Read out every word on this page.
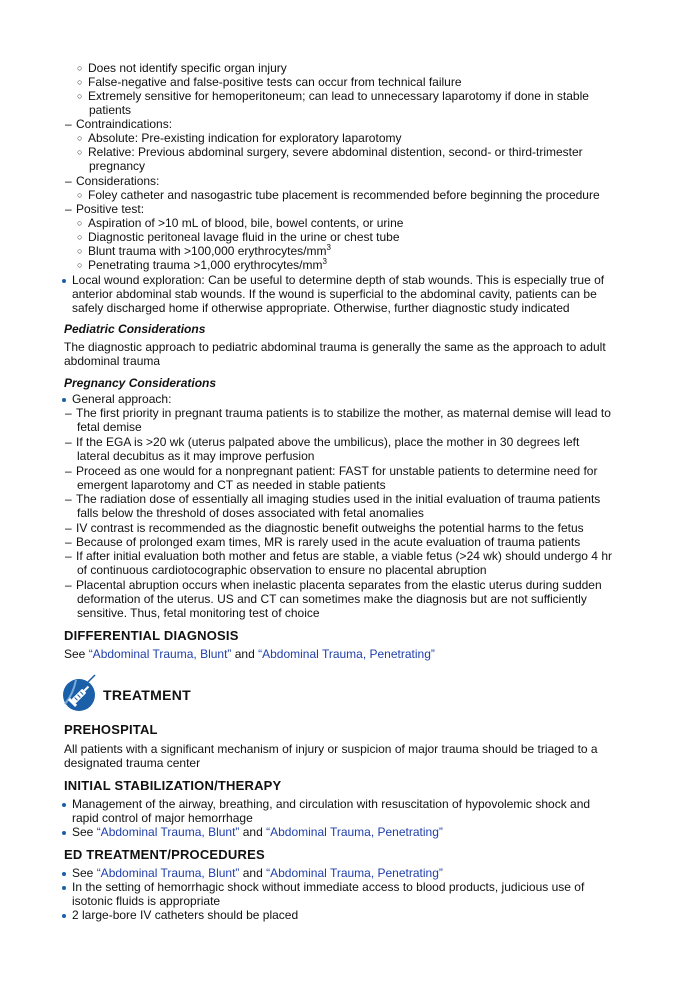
○ Does not identify specific organ injury
○ False-negative and false-positive tests can occur from technical failure
○ Extremely sensitive for hemoperitoneum; can lead to unnecessary laparotomy if done in stable
patients
– Contraindications:
○ Absolute: Pre-existing indication for exploratory laparotomy
○ Relative: Previous abdominal surgery, severe abdominal distention, second- or third-trimester
pregnancy
– Considerations:
○ Foley catheter and nasogastric tube placement is recommended before beginning the procedure
– Positive test:
○ Aspiration of >10 mL of blood, bile, bowel contents, or urine
○ Diagnostic peritoneal lavage fluid in the urine or chest tube
○ Blunt trauma with >100,000 erythrocytes/$mm^3$
○ Penetrating trauma >1,000 erythrocytes/$mm^3$
Local wound exploration: Can be useful to determine depth of stab wounds. This is especially true of
anterior abdominal stab wounds. If the wound is superficial to the abdominal cavity, patients can be
safely discharged home if otherwise appropriate. Otherwise, further diagnostic study indicated
Pediatric Considerations
The diagnostic approach to pediatric abdominal trauma is generally the same as the approach to adult
abdominal trauma
Pregnancy Considerations
General approach:
– The first priority in pregnant trauma patients is to stabilize the mother, as maternal demise will lead to
fetal demise
– If the EGA is >20 wk (uterus palpated above the umbilicus), place the mother in 30 degrees left
lateral decubitus as it may improve perfusion
– Proceed as one would for a nonpregnant patient: FAST for unstable patients to determine need for
emergent laparotomy and CT as needed in stable patients
– The radiation dose of essentially all imaging studies used in the initial evaluation of trauma patients
falls below the threshold of doses associated with fetal anomalies
– IV contrast is recommended as the diagnostic benefit outweighs the potential harms to the fetus
– Because of prolonged exam times, MR is rarely used in the acute evaluation of trauma patients
– If after initial evaluation both mother and fetus are stable, a viable fetus (>24 wk) should undergo 4 hr
of continuous cardiotocographic observation to ensure no placental abruption
– Placental abruption occurs when inelastic placenta separates from the elastic uterus during sudden
deformation of the uterus. US and CT can sometimes make the diagnosis but are not sufficiently
sensitive. Thus, fetal monitoring test of choice
DIFFERENTIAL DIAGNOSIS
See “Abdominal Trauma, Blunt” and “Abdominal Trauma, Penetrating”
TREATMENT
PREHOSPITAL
All patients with a significant mechanism of injury or suspicion of major trauma should be triaged to a
designated trauma center
INITIAL STABILIZATION/THERAPY
Management of the airway, breathing, and circulation with resuscitation of hypovolemic shock and
rapid control of major hemorrhage
See “Abdominal Trauma, Blunt” and “Abdominal Trauma, Penetrating”
ED TREATMENT/PROCEDURES
See “Abdominal Trauma, Blunt” and “Abdominal Trauma, Penetrating”
In the setting of hemorrhagic shock without immediate access to blood products, judicious use of
isotonic fluids is appropriate
2 large-bore IV catheters should be placed
